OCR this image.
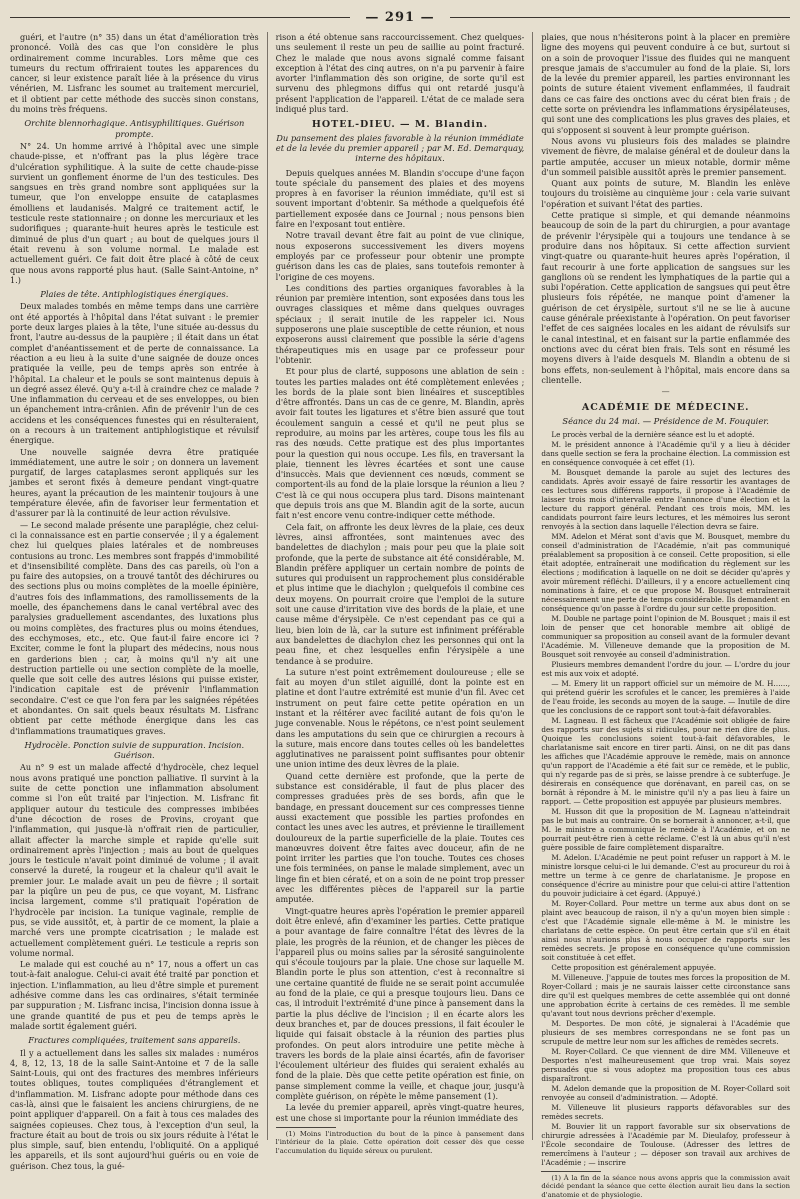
— 291 —

guéri, et l'autre (n° 35) dans un état d'amélioration très prononcé. Voilà des cas que l'on considère le plus ordinairement comme incurables. Lors même que ces tumeurs du rectum offriraient toutes les apparences du cancer, si leur existence paraît liée à la présence du virus vénérien, M. Lisfranc les soumet au traitement mercuriel, et il obtient par cette méthode des succès sinon constans, du moins très fréquens.

Orchite blennorhagique. Antisyphilitiques. Guérison prompte.

N° 24. Un homme arrivé à l'hôpital avec une simple chaude-pisse, et n'offrant pas la plus légère trace d'ulcération syphilitique. À la suite de cette chaude-pisse survient un gonflement énorme de l'un des testicules. Des sangsues en très grand nombre sont appliquées sur la tumeur, que l'on enveloppe ensuite de cataplasmes émolliens et laudanisés. Malgré ce traitement actif, le testicule reste stationnaire ; on donne les mercuriaux et les sudorifiques ; quarante-huit heures après le testicule est diminué de plus d'un quart ; au bout de quelques jours il était revenu à son volume normal. Le malade est actuellement guéri. Ce fait doit être placé à côté de ceux que nous avons rapporté plus haut. (Salle Saint-Antoine, n° 1.)

Plaies de tête. Antiphlogistiques énergiques.

Deux malades tombés en même temps dans une carrière ont été apportés à l'hôpital dans l'état suivant : le premier porte deux larges plaies à la tête, l'une située au-dessus du front, l'autre au-dessus de la paupière ; il était dans un état complet d'anéantissement et de perte de connaissance. La réaction a eu lieu à la suite d'une saignée de douze onces pratiquée la veille, peu de temps après son entrée à l'hôpital. La chaleur et le pouls se sont maintenus depuis à un degré assez élevé. Qu'y a-t-il à craindre chez ce malade ? Une inflammation du cerveau et de ses enveloppes, ou bien un épanchement intra-crânien. Afin de prévenir l'un de ces accidens et les conséquences funestes qui en résulteraient, on a recours à un traitement antiphlogistique et révulsif énergique.

Une nouvelle saignée devra être pratiquée immédiatement, une autre le soir ; on donnera un lavement purgatif, de larges cataplasmes seront appliqués sur les jambes et seront fixés à demeure pendant vingt-quatre heures, ayant la précaution de les maintenir toujours à une température élevée, afin de favoriser leur fermentation et d'assurer par là la continuité de leur action révulsive.

— Le second malade présente une paraplégie, chez celui-ci la connaissance est en partie conservée ; il y a également chez lui quelques plaies latérales et de nombreuses contusions au tronc. Les membres sont frappés d'immobilité et d'insensibilité complète. Dans des cas pareils, où l'on a pu faire des autopsies, on a trouvé tantôt des déchirures ou des sections plus ou moins complètes de la moelle épinière, d'autres fois des inflammations, des ramollissements de la moelle, des épanchemens dans le canal vertébral avec des paralysies graduellement ascendantes, des luxations plus ou moins complètes, des fractures plus ou moins étendues, des ecchymoses, etc., etc. Que faut-il faire encore ici ? Exciter, comme le font la plupart des médecins, nous nous en garderions bien ; car, à moins qu'il n'y ait une destruction partielle ou une section complète de la moelle, quelle que soit celle des autres lésions qui puisse exister, l'indication capitale est de prévenir l'inflammation secondaire. C'est ce que l'on fera par les saignées répétées et abondantes. On sait quels beaux résultats M. Lisfranc obtient par cette méthode énergique dans les cas d'inflammations traumatiques graves.

Hydrocèle. Ponction suivie de suppuration. Incision. Guérison.

Au n° 9 est un malade affecté d'hydrocèle, chez lequel nous avons pratiqué une ponction palliative. Il survint à la suite de cette ponction une inflammation absolument comme si l'on eût traité par l'injection. M. Lisfranc fit appliquer autour du testicule des compresses imbibées d'une décoction de roses de Provins, croyant que l'inflammation, qui jusque-là n'offrait rien de particulier, allait affecter la marche simple et rapide qu'elle suit ordinairement après l'injection ; mais au bout de quelques jours le testicule n'avait point diminué de volume ; il avait conservé la dureté, la rougeur et la chaleur qu'il avait le premier jour. Le malade avait un peu de fièvre ; il sortait par la piqûre un peu de pus, ce que voyant, M. Lisfranc incisa largement, comme s'il pratiquait l'opération de l'hydrocèle par incision. La tunique vaginale, remplie de pus, se vide aussitôt, et, à partir de ce moment, la plaie a marché vers une prompte cicatrisation ; le malade est actuellement complètement guéri. Le testicule a repris son volume normal.

Le malade qui est couché au n° 17, nous a offert un cas tout-à-fait analogue. Celui-ci avait été traité par ponction et injection. L'inflammation, au lieu d'être simple et purement adhésive comme dans les cas ordinaires, s'était terminée par suppuration ; M. Lisfranc incisa, l'incision donna issue à une grande quantité de pus et peu de temps après le malade sortit également guéri.

Fractures compliquées, traitement sans appareils.

Il y a actuellement dans les salles six malades : numéros 4, 8, 12, 13, 18 de la salle Saint-Antoine et 7 de la salle Saint-Louis, qui ont des fractures des membres inférieurs toutes obliques, toutes compliquées d'étranglement et d'inflammation. M. Lisfranc adopte pour méthode dans ces cas-là, ainsi que le faisaient les anciens chirurgiens, de ne point appliquer d'appareil. On a fait à tous ces malades des saignées copieuses. Chez tous, à l'exception d'un seul, la fracture était au bout de trois ou six jours réduite à l'état le plus simple, sauf, bien entendu, l'obliquité. On a appliqué les appareils, et ils sont aujourd'hui guéris ou en voie de guérison. Chez tous, la gué-

rison a été obtenue sans raccourcissement. Chez quelques-uns seulement il reste un peu de saillie au point fracturé. Chez le malade que nous avons signalé comme faisant exception à l'état des cinq autres, on n'a pu parvenir à faire avorter l'inflammation dès son origine, de sorte qu'il est survenu des phlegmons diffus qui ont retardé jusqu'à présent l'application de l'appareil. L'état de ce malade sera indiqué plus tard.

HOTEL-DIEU. — M. Blandin.
Du pansement des plaies favorable à la réunion immédiate et de la levée du premier appareil ; par M. Ed. Demarquay, interne des hôpitaux.

Depuis quelques années M. Blandin s'occupe d'une façon toute spéciale du pansement des plaies et des moyens propres à en favoriser la réunion immédiate, qu'il est si souvent important d'obtenir. Sa méthode a quelquefois été partiellement exposée dans ce Journal ; nous pensons bien faire en l'exposant tout entière.

Notre travail devant être fait au point de vue clinique, nous exposerons successivement les divers moyens employés par ce professeur pour obtenir une prompte guérison dans les cas de plaies, sans toutefois remonter à l'origine de ces moyens.

Les conditions des parties organiques favorables à la réunion par première intention, sont exposées dans tous les ouvrages classiques et même dans quelques ouvrages spéciaux ; il serait inutile de les rappeler ici. Nous supposerons une plaie susceptible de cette réunion, et nous exposerons aussi clairement que possible la série d'agens thérapeutiques mis en usage par ce professeur pour l'obtenir.

Et pour plus de clarté, supposons une ablation de sein : toutes les parties malades ont été complètement enlevées ; les bords de la plaie sont bien linéaires et susceptibles d'être affrontés. Dans un cas de ce genre, M. Blandin, après avoir fait toutes les ligatures et s'être bien assuré que tout écoulement sanguin a cessé et qu'il ne peut plus se reproduire, au moins par les artères, coupe tous les fils au ras des nœuds. Cette pratique est des plus importantes pour la question qui nous occupe. Les fils, en traversant la plaie, tiennent les lèvres écartées et sont une cause d'insuccès. Mais que deviennent ces nœuds, comment se comportent-ils au fond de la plaie lorsque la réunion a lieu ? C'est là ce qui nous occupera plus tard. Disons maintenant que depuis trois ans que M. Blandin agit de la sorte, aucun fait n'est encore venu contre-indiquer cette méthode.

Cela fait, on affronte les deux lèvres de la plaie, ces deux lèvres, ainsi affrontées, sont maintenues avec des bandelettes de diachylon ; mais pour peu que la plaie soit profonde, que la perte de substance ait été considérable, M. Blandin préfère appliquer un certain nombre de points de sutures qui produisent un rapprochement plus considérable et plus intime que le diachylon ; quelquefois il combine ces deux moyens. On pourrait croire que l'emploi de la suture soit une cause d'irritation vive des bords de la plaie, et une cause même d'érysipèle. Ce n'est cependant pas ce qui a lieu, bien loin de là, car la suture est infiniment préférable aux bandelettes de diachylon chez les personnes qui ont la peau fine, et chez lesquelles enfin l'érysipèle a une tendance à se produire.

La suture n'est point extrêmement douloureuse ; elle se fait au moyen d'un stilet aiguillé, dont la pointe est en platine et dont l'autre extrémité est munie d'un fil. Avec cet instrument on peut faire cette petite opération en un instant et la réitérer avec facilité autant de fois qu'on le juge convenable. Nous le répétons, ce n'est point seulement dans les amputations du sein que ce chirurgien a recours à la suture, mais encore dans toutes celles où les bandelettes agglutinatives ne paraissent point suffisantes pour obtenir une union intime des deux lèvres de la plaie.

Quand cette dernière est profonde, que la perte de substance est considérable, il faut de plus placer des compresses graduées près de ses bords, afin que le bandage, en pressant doucement sur ces compresses tienne aussi exactement que possible les parties profondes en contact les unes avec les autres, et prévienne le tiraillement douloureux de la partie superficielle de la plaie. Toutes ces manœuvres doivent être faites avec douceur, afin de ne point irriter les parties que l'on touche. Toutes ces choses une fois terminées, on panse le malade simplement, avec un linge fin et bien cératé, et on a soin de ne point trop presser avec les différentes pièces de l'appareil sur la partie amputée.

Vingt-quatre heures après l'opération le premier appareil doit être enlevé, afin d'examiner les parties. Cette pratique a pour avantage de faire connaître l'état des lèvres de la plaie, les progrès de la réunion, et de changer les pièces de l'appareil plus ou moins salies par la sérosité sanguinolente qui s'écoule toujours par la plaie. Une chose sur laquelle M. Blandin porte le plus son attention, c'est à reconnaître si une certaine quantité de fluide ne se serait point accumulée au fond de la plaie, ce qui a presque toujours lieu. Dans ce cas, il introduit l'extrémité d'une pince à pansement dans la partie la plus déclive de l'incision ; il en écarte alors les deux branches et, par de douces pressions, il fait écouler le liquide qui faisait obstacle à la réunion des parties plus profondes. On peut alors introduire une petite mèche à travers les bords de la plaie ainsi écartés, afin de favoriser l'écoulement ultérieur des fluides qui seraient exhalés au fond de la plaie. Dès que cette petite opération est finie, on panse simplement comme la veille, et chaque jour, jusqu'à complète guérison, on répète le même pansement (1).

La levée du premier appareil, après vingt-quatre heures, est une chose si importante pour la réunion immédiate des

(1) Moins l'introduction du bout de la pince à pansement dans l'intérieur de la plaie. Cette opération doit cesser dès que cesse l'accumulation du liquide séreux ou purulent.

plaies, que nous n'hésiterons point à la placer en première ligne des moyens qui peuvent conduire à ce but, surtout si on a soin de provoquer l'issue des fluides qui ne manquent presque jamais de s'accumuler au fond de la plaie. Si, lors de la levée du premier appareil, les parties environnant les points de suture étaient vivement enflammées, il faudrait dans ce cas faire des onctions avec du cérat bien frais ; de cette sorte on préviendra les inflammations érysipélateuses, qui sont une des complications les plus graves des plaies, et qui s'opposent si souvent à leur prompte guérison.

Nous avons vu plusieurs fois des malades se plaindre vivement de fièvre, de malaise général et de douleur dans la partie amputée, accuser un mieux notable, dormir même d'un sommeil paisible aussitôt après le premier pansement.

Quant aux points de suture, M. Blandin les enlève toujours du troisième au cinquième jour : cela varie suivant l'opération et suivant l'état des parties.

Cette pratique si simple, et qui demande néanmoins beaucoup de soin de la part du chirurgien, a pour avantage de prévenir l'érysipèle qui a toujours une tendance à se produire dans nos hôpitaux. Si cette affection survient vingt-quatre ou quarante-huit heures après l'opération, il faut recourir à une forte application de sangsues sur les ganglions où se rendent les lymphatiques de la partie qui a subi l'opération. Cette application de sangsues qui peut être plusieurs fois répétée, ne manque point d'amener la guérison de cet érysipèle, surtout s'il ne se lie à aucune cause générale préexistante à l'opération. On peut favoriser l'effet de ces saignées locales en les aidant de révulsifs sur le canal intestinal, et en faisant sur la partie enflammée des onctions avec du cérat bien frais. Tels sont en résumé les moyens divers à l'aide desquels M. Blandin a obtenu de si bons effets, non-seulement à l'hôpital, mais encore dans sa clientelle.

—
ACADÉMIE DE MÉDECINE.
Séance du 24 mai. — Présidence de M. Fouquier.

Le procès verbal de la dernière séance est lu et adopté.

M. le président annonce à l'Académie qu'il y a lieu à décider dans quelle section se fera la prochaine élection. La commission est en conséquence convoquée à cet effet (1).

M. Bousquet demande la parole au sujet des lectures des candidats. Après avoir essayé de faire ressortir les avantages de ces lectures sous différens rapports, il propose à l'Académie de laisser trois mois d'intervalle entre l'annonce d'une élection et la lecture du rapport général. Pendant ces trois mois, MM. les candidats pourront faire leurs lectures, et les mémoires lus seront renvoyés à la section dans laquelle l'élection devra se faire.

MM. Adelon et Mérat sont d'avis que M. Bousquet, membre du conseil d'administration de l'Académie, n'ait pas communiqué préalablement sa proposition à ce conseil. Cette proposition, si elle était adoptée, entraînerait une modification du règlement sur les élections ; modification à laquelle on ne doit se décider qu'après y avoir mûrement réfléchi. D'ailleurs, il y a encore actuellement cinq nominations à faire, et ce que propose M. Bousquet entraînerait nécessairement une perte de temps considérable. Ils demandent en conséquence qu'on passe à l'ordre du jour sur cette proposition.

M. Double ne partage point l'opinion de M. Bousquet ; mais il est loin de penser que cet honorable membre ait obligé de communiquer sa proposition au conseil avant de la formuler devant l'Académie. M. Villeneuve demande que la proposition de M. Bousquet soit renvoyée au conseil d'administration.

Plusieurs membres demandent l'ordre du jour. — L'ordre du jour est mis aux voix et adopté.

— M. Emery lit un rapport officiel sur un mémoire de M. H……, qui prétend guérir les scrofules et le cancer, les premières à l'aide de l'eau froide, les seconds au moyen de la sauge. — Inutile de dire que les conclusions de ce rapport sont tout-à-fait défavorables.

M. Lagneau. Il est fâcheux que l'Académie soit obligée de faire des rapports sur des sujets si ridicules, pour ne rien dire de plus. Quoique les conclusions soient tout-à-fait défavorables, le charlatanisme sait encore en tirer parti. Ainsi, on ne dit pas dans les affiches que l'Académie approuve le remède, mais on annonce qu'un rapport de l'Académie a été fait sur ce remède, et le public, qui n'y regarde pas de si près, se laisse prendre à ce subterfuge. Je désirerais en conséquence que dorénavant, en pareil cas, on se bornât à répondre à M. le ministre qu'il n'y a pas lieu à faire un rapport. — Cette proposition est appuyée par plusieurs membres.

M. Husson dit que la proposition de M. Lagneau n'atteindrait pas le but mais au contraire. On se bornerait à annoncer, a-t-il, que M. le ministre a communiqué le remède à l'Académie, et on ne pourrait peut-être rien à cette réclame. C'est là un abus qu'il n'est guère possible de faire complètement disparaître.

M. Adelon. L'Académie ne peut point refuser un rapport à M. le ministre lorsque celui-ci le lui demande. C'est au procureur du roi à mettre un terme à ce genre de charlatanisme. Je propose en conséquence d'écrire au ministre pour que celui-ci attire l'attention du pouvoir judiciaire à cet égard. (Appuyé.)

M. Royer-Collard. Pour mettre un terme aux abus dont on se plaint avec beaucoup de raison, il n'y a qu'un moyen bien simple : c'est que l'Académie signale elle-même à M. le ministre les charlatans de cette espèce. On peut être certain que s'il en était ainsi nous n'aurions plus à nous occuper de rapports sur les remèdes secrets. Je propose en conséquence qu'une commission soit constituée à cet effet.

Cette proposition est généralement appuyée.

M. Villeneuve. J'appuie de toutes mes forces la proposition de M. Royer-Collard ; mais je ne saurais laisser cette circonstance sans dire qu'il est quelques membres de cette assemblée qui ont donné une approbation écrite à certains de ces remèdes. Il me semble qu'avant tout nous devrions prêcher d'exemple.

M. Desportes. De mon côté, je signalerai à l'Académie que plusieurs de ses membres correspondans ne se font pas un scrupule de mettre leur nom sur les affiches de remèdes secrets.

M. Royer-Collard. Ce que viennent de dire MM. Villeneuve et Desportes n'est malheureusement que trop vrai. Mais soyez persuadés que si vous adoptez ma proposition tous ces abus disparaîtront.

M. Adelon demande que la proposition de M. Royer-Collard soit renvoyée au conseil d'administration. — Adopté.

M. Villeneuve lit plusieurs rapports défavorables sur des remèdes secrets.

M. Bouvier lit un rapport favorable sur six observations de chirurgie adressées à l'Académie par M. Dieulafoy, professeur à l'École secondaire de Toulouse. (Adresser des lettres de remercîmens à l'auteur ; — déposer son travail aux archives de l'Académie ; — inscrire

(1) À la fin de la séance nous avons appris que la commission avait décidé pendant la séance que cette élection aurait lieu dans la section d'anatomie et de physiologie.
